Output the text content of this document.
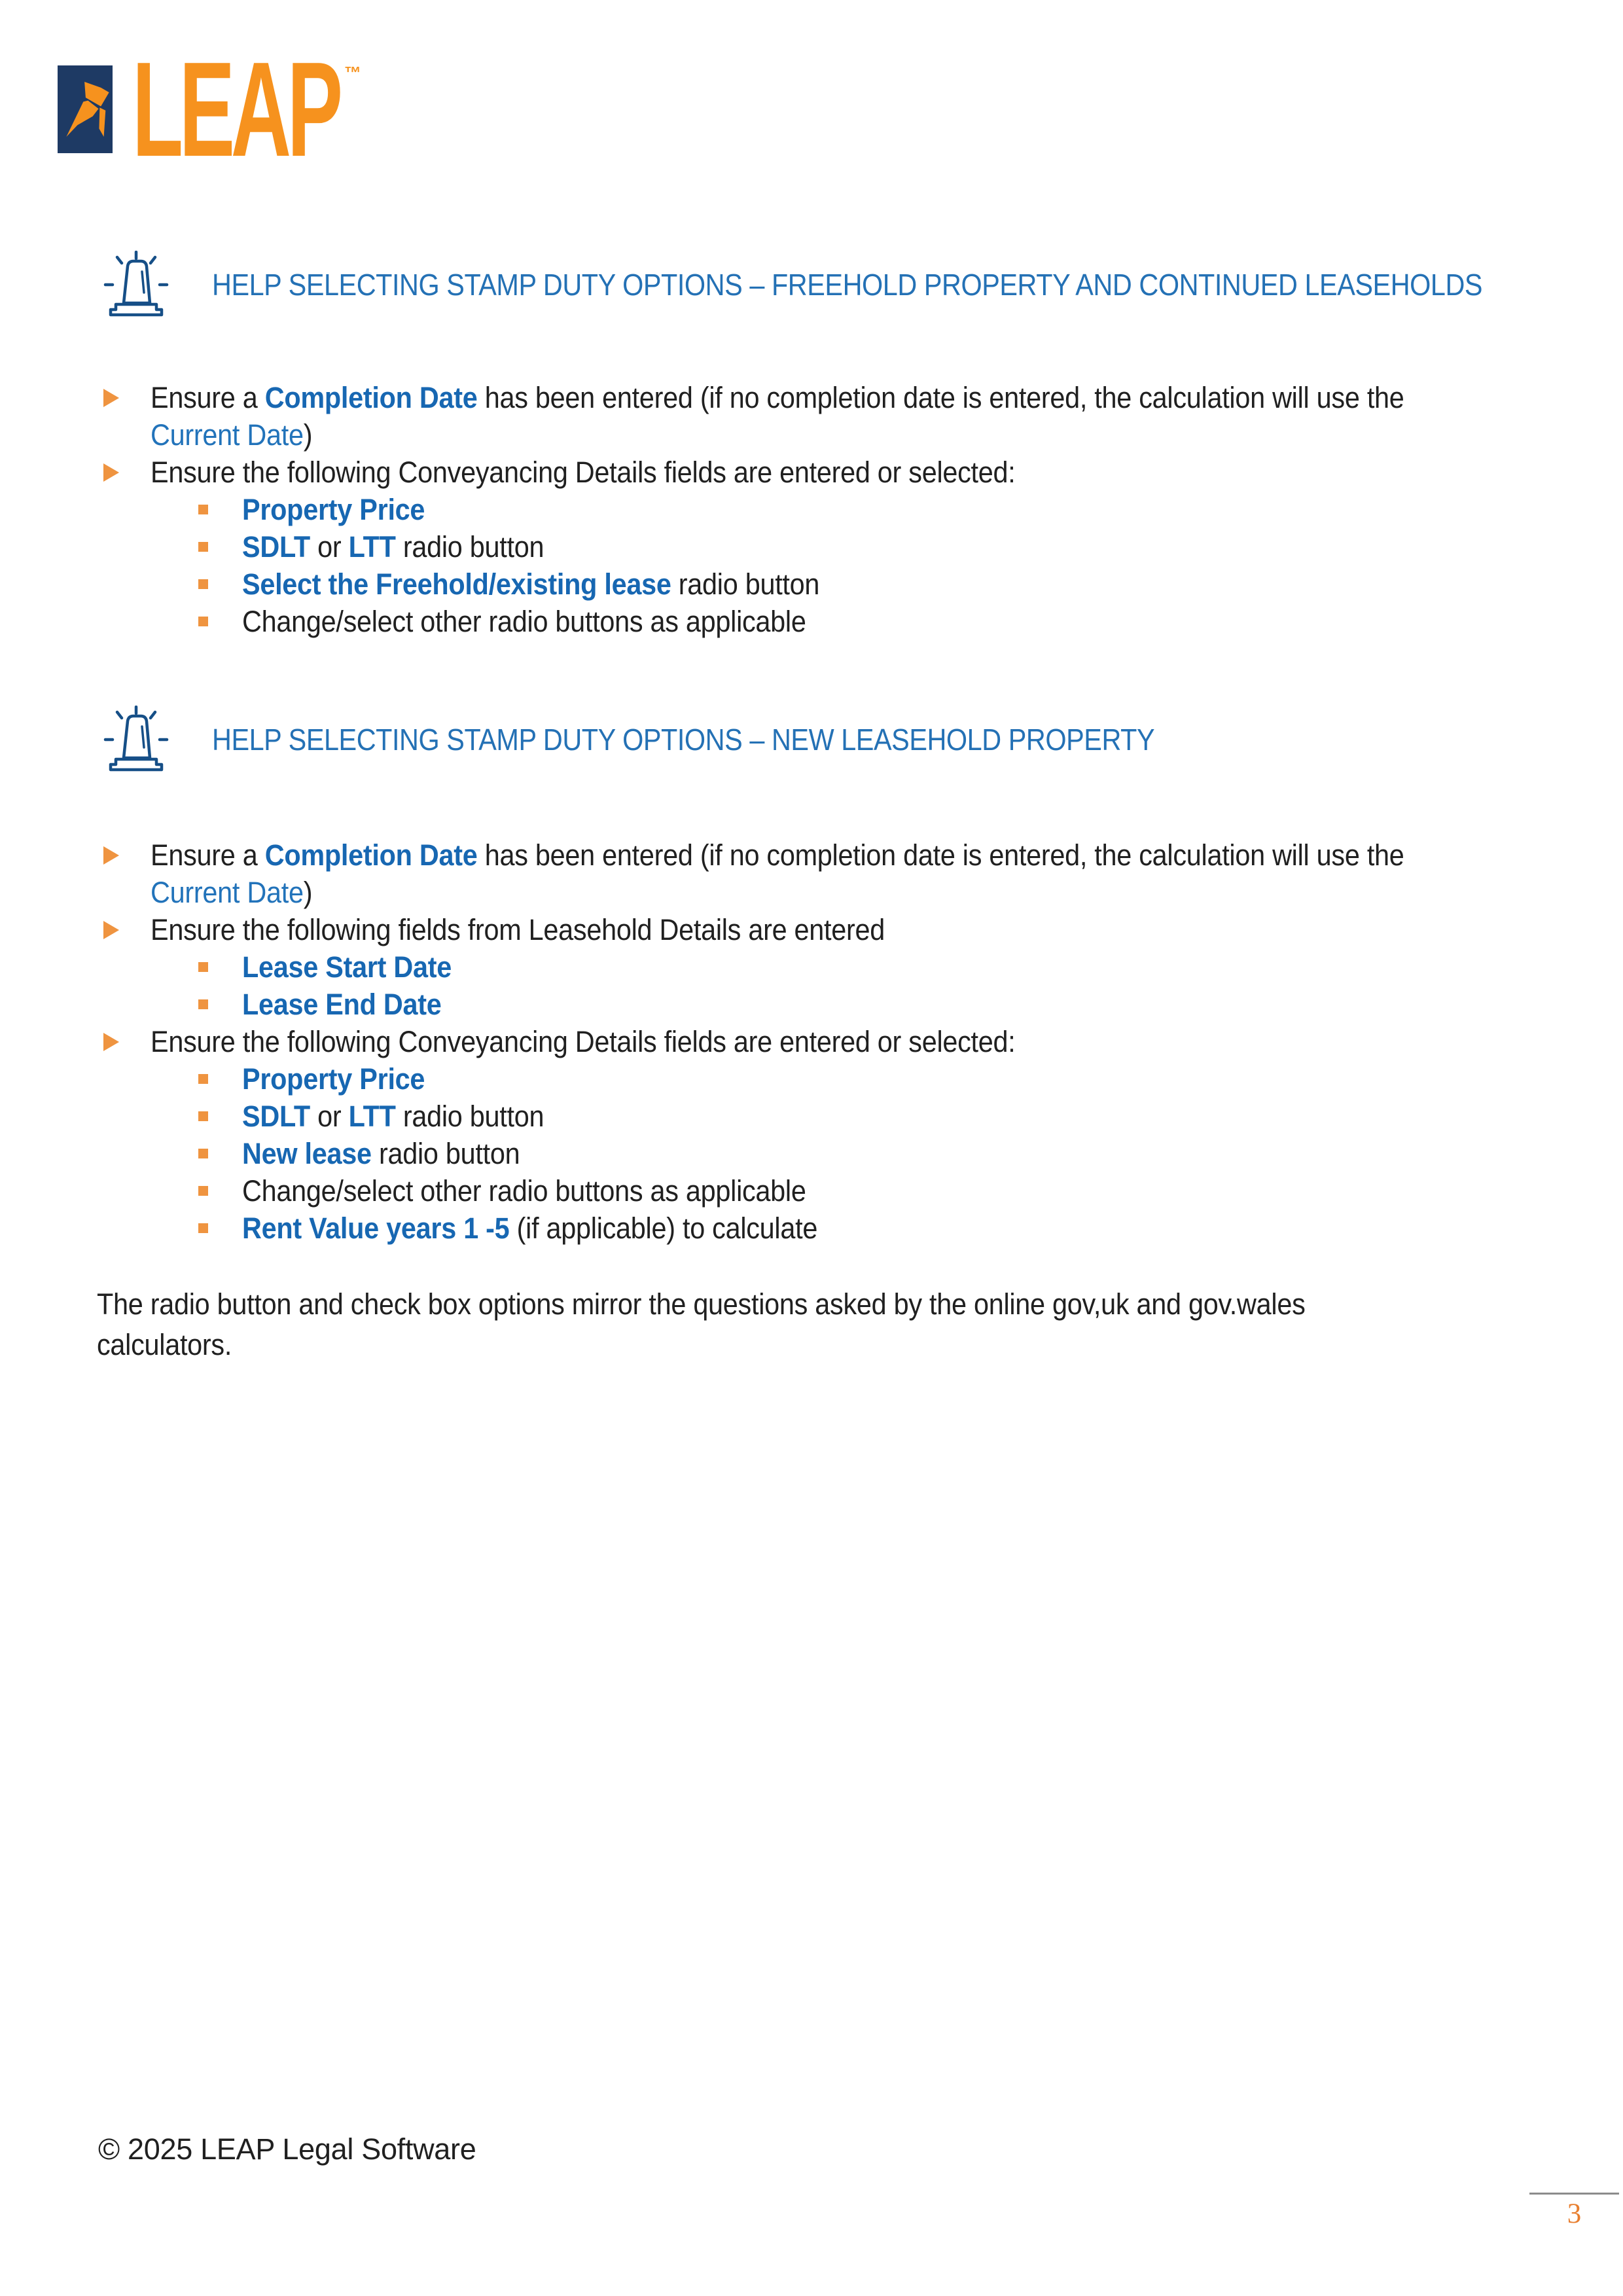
LEAP ™
HELP SELECTING STAMP DUTY OPTIONS – FREEHOLD PROPERTY AND CONTINUED LEASEHOLDS
Ensure a Completion Date has been entered (if no completion date is entered, the calculation will use the
Current Date)
Ensure the following Conveyancing Details fields are entered or selected:
Property Price
SDLT or LTT radio button
Select the Freehold/existing lease radio button
Change/select other radio buttons as applicable
HELP SELECTING STAMP DUTY OPTIONS – NEW LEASEHOLD PROPERTY
Ensure a Completion Date has been entered (if no completion date is entered, the calculation will use the
Current Date)
Ensure the following fields from Leasehold Details are entered
Lease Start Date
Lease End Date
Ensure the following Conveyancing Details fields are entered or selected:
Property Price
SDLT or LTT radio button
New lease radio button
Change/select other radio buttons as applicable
Rent Value years 1 -5 (if applicable) to calculate
The radio button and check box options mirror the questions asked by the online gov,uk and gov.wales
calculators.
© 2025 LEAP Legal Software
3
